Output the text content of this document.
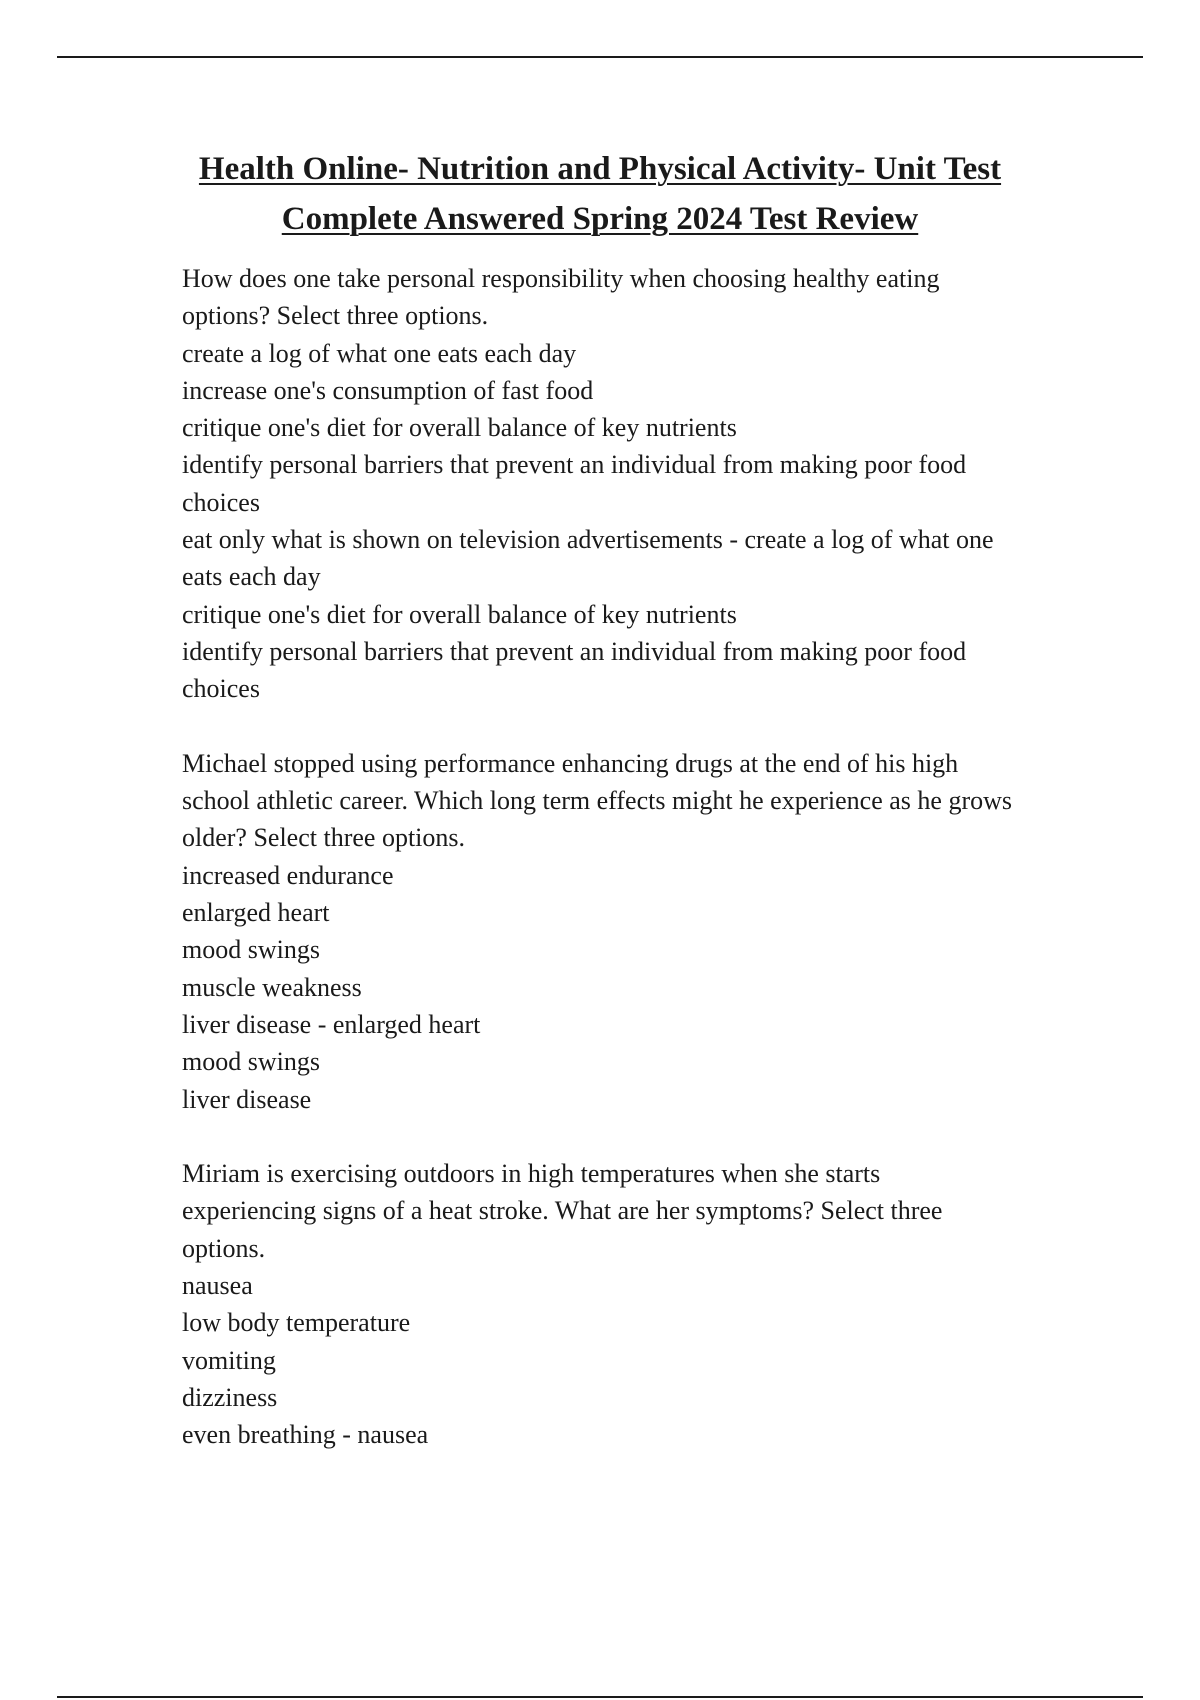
Health Online- Nutrition and Physical Activity- Unit Test
Complete Answered Spring 2024 Test Review
How does one take personal responsibility when choosing healthy eating
options? Select three options.
create a log of what one eats each day
increase one's consumption of fast food
critique one's diet for overall balance of key nutrients
identify personal barriers that prevent an individual from making poor food
choices
eat only what is shown on television advertisements - create a log of what one
eats each day
critique one's diet for overall balance of key nutrients
identify personal barriers that prevent an individual from making poor food
choices
Michael stopped using performance enhancing drugs at the end of his high
school athletic career. Which long term effects might he experience as he grows
older? Select three options.
increased endurance
enlarged heart
mood swings
muscle weakness
liver disease - enlarged heart
mood swings
liver disease
Miriam is exercising outdoors in high temperatures when she starts
experiencing signs of a heat stroke. What are her symptoms? Select three
options.
nausea
low body temperature
vomiting
dizziness
even breathing - nausea
